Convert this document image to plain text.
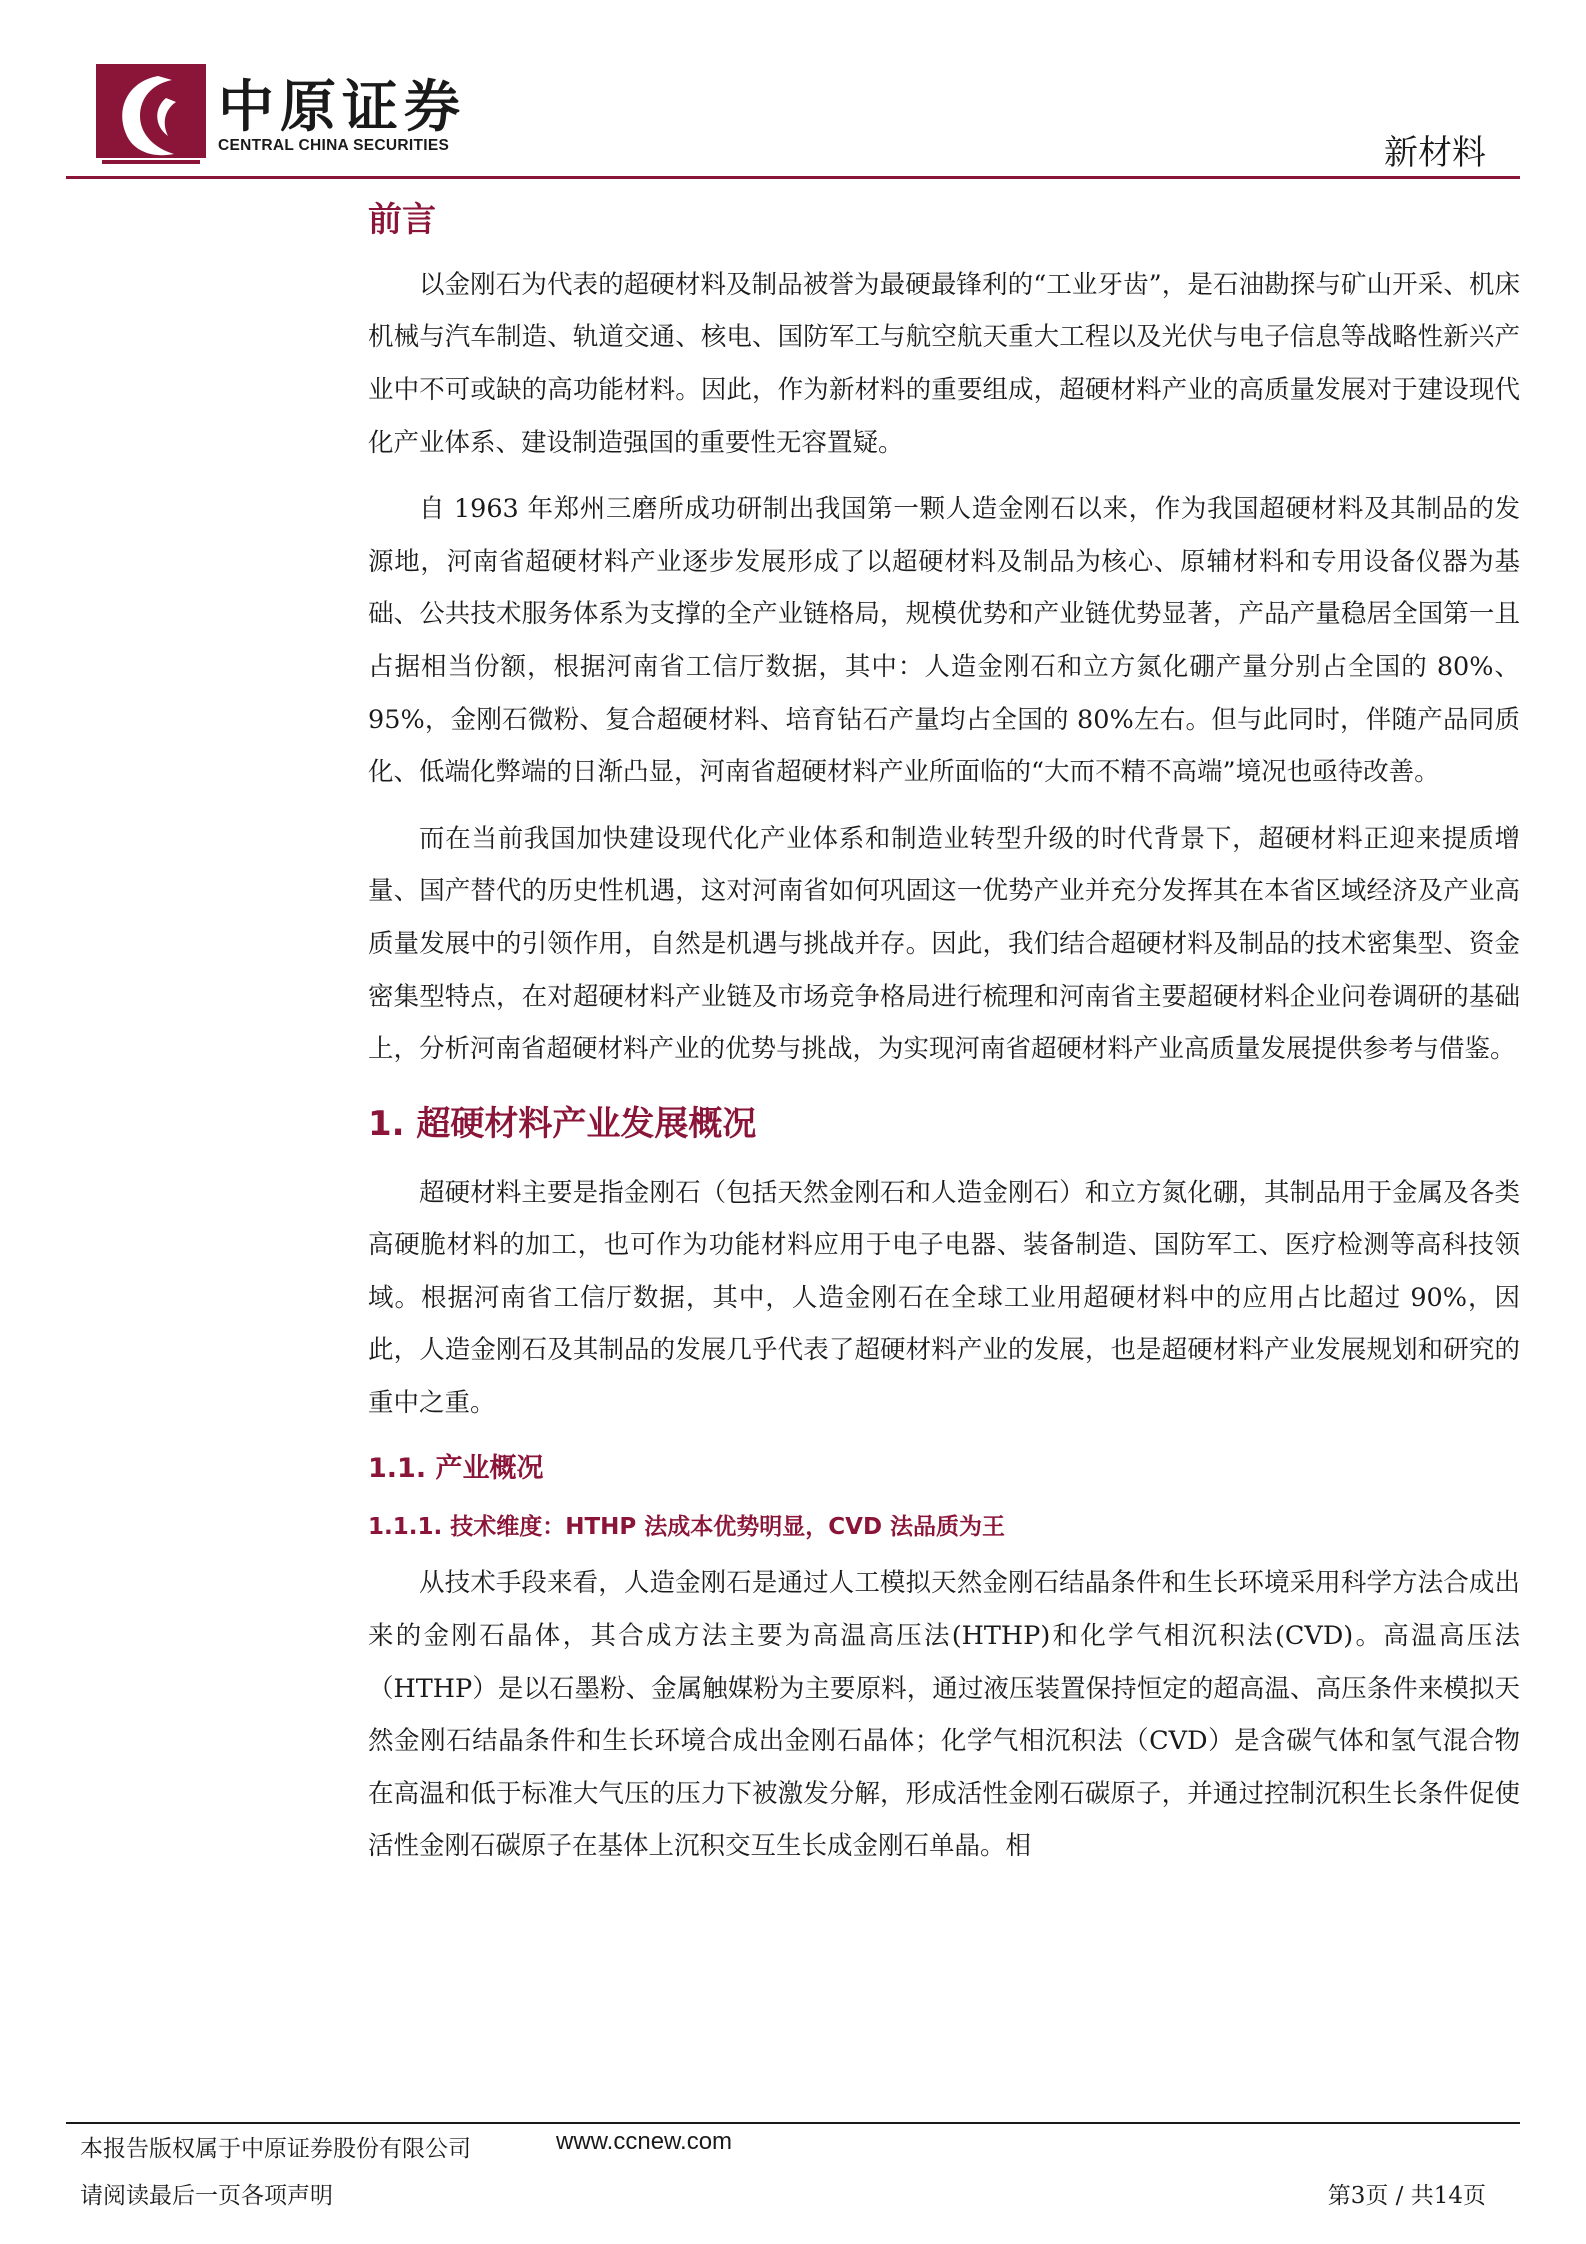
中原证券
CENTRAL CHINA SECURITIES	新材料
前言

以金刚石为代表的超硬材料及制品被誉为最硬最锋利的“工业牙齿”，是石油勘探与矿山开采、机床机械与汽车制造、轨道交通、核电、国防军工与航空航天重大工程以及光伏与电子信息等战略性新兴产业中不可或缺的高功能材料。因此，作为新材料的重要组成，超硬材料产业的高质量发展对于建设现代化产业体系、建设制造强国的重要性无容置疑。

自 1963 年郑州三磨所成功研制出我国第一颗人造金刚石以来，作为我国超硬材料及其制品的发源地，河南省超硬材料产业逐步发展形成了以超硬材料及制品为核心、原辅材料和专用设备仪器为基础、公共技术服务体系为支撑的全产业链格局，规模优势和产业链优势显著，产品产量稳居全国第一且占据相当份额，根据河南省工信厅数据，其中：人造金刚石和立方氮化硼产量分别占全国的 80%、95%，金刚石微粉、复合超硬材料、培育钻石产量均占全国的 80%左右。但与此同时，伴随产品同质化、低端化弊端的日渐凸显，河南省超硬材料产业所面临的“大而不精不高端”境况也亟待改善。

而在当前我国加快建设现代化产业体系和制造业转型升级的时代背景下，超硬材料正迎来提质增量、国产替代的历史性机遇，这对河南省如何巩固这一优势产业并充分发挥其在本省区域经济及产业高质量发展中的引领作用，自然是机遇与挑战并存。因此，我们结合超硬材料及制品的技术密集型、资金密集型特点，在对超硬材料产业链及市场竞争格局进行梳理和河南省主要超硬材料企业问卷调研的基础上，分析河南省超硬材料产业的优势与挑战，为实现河南省超硬材料产业高质量发展提供参考与借鉴。

1. 超硬材料产业发展概况

超硬材料主要是指金刚石（包括天然金刚石和人造金刚石）和立方氮化硼，其制品用于金属及各类高硬脆材料的加工，也可作为功能材料应用于电子电器、装备制造、国防军工、医疗检测等高科技领域。根据河南省工信厅数据，其中，人造金刚石在全球工业用超硬材料中的应用占比超过 90%，因此，人造金刚石及其制品的发展几乎代表了超硬材料产业的发展，也是超硬材料产业发展规划和研究的重中之重。

1.1. 产业概况
1.1.1. 技术维度：HTHP 法成本优势明显，CVD 法品质为王

从技术手段来看，人造金刚石是通过人工模拟天然金刚石结晶条件和生长环境采用科学方法合成出来的金刚石晶体，其合成方法主要为高温高压法(HTHP)和化学气相沉积法(CVD)。高温高压法（HTHP）是以石墨粉、金属触媒粉为主要原料，通过液压装置保持恒定的超高温、高压条件来模拟天然金刚石结晶条件和生长环境合成出金刚石晶体；化学气相沉积法（CVD）是含碳气体和氢气混合物在高温和低于标准大气压的压力下被激发分解，形成活性金刚石碳原子，并通过控制沉积生长条件促使活性金刚石碳原子在基体上沉积交互生长成金刚石单晶。相

本报告版权属于中原证券股份有限公司	www.ccnew.com
请阅读最后一页各项声明	第3页 / 共14页
